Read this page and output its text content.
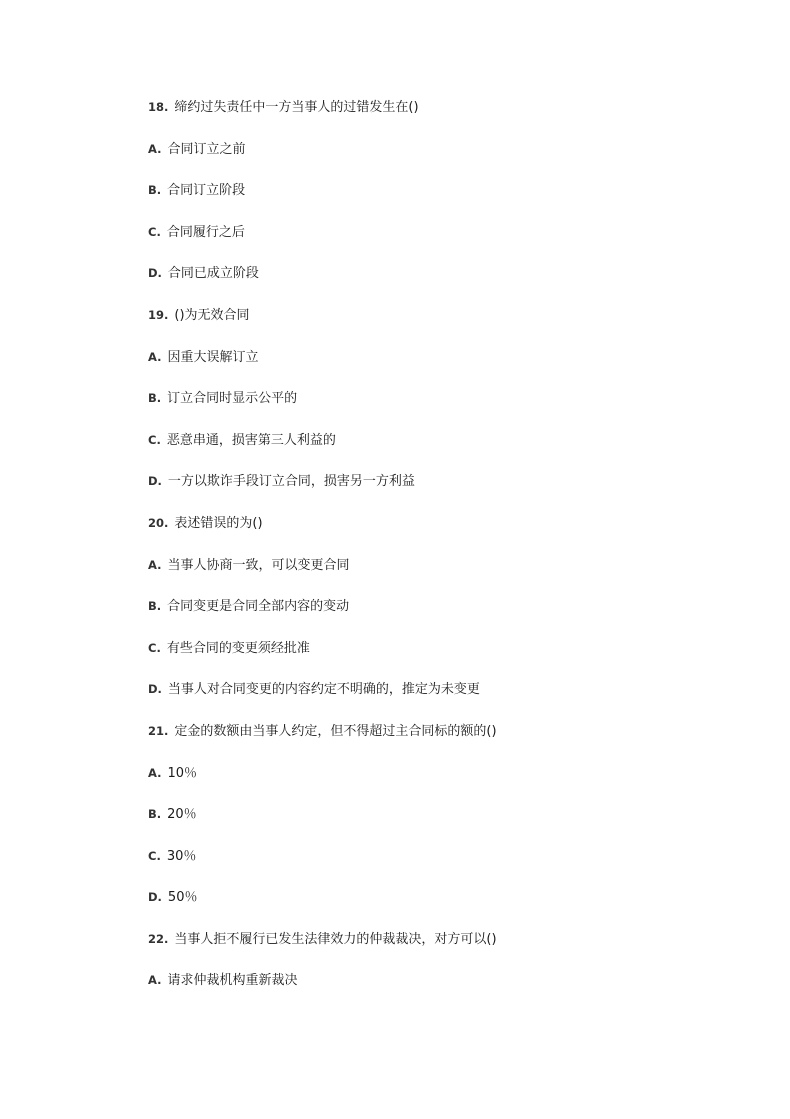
18. 缔约过失责任中一方当事人的过错发生在()
A. 合同订立之前
B. 合同订立阶段
C. 合同履行之后
D. 合同已成立阶段
19. ()为无效合同
A. 因重大误解订立
B. 订立合同时显示公平的
C. 恶意串通，损害第三人利益的
D. 一方以欺诈手段订立合同，损害另一方利益
20. 表述错误的为()
A. 当事人协商一致，可以变更合同
B. 合同变更是合同全部内容的变动
C. 有些合同的变更须经批准
D. 当事人对合同变更的内容约定不明确的，推定为未变更
21. 定金的数额由当事人约定，但不得超过主合同标的额的()
A. 10％
B. 20％
C. 30％
D. 50％
22. 当事人拒不履行已发生法律效力的仲裁裁决，对方可以()
A. 请求仲裁机构重新裁决
